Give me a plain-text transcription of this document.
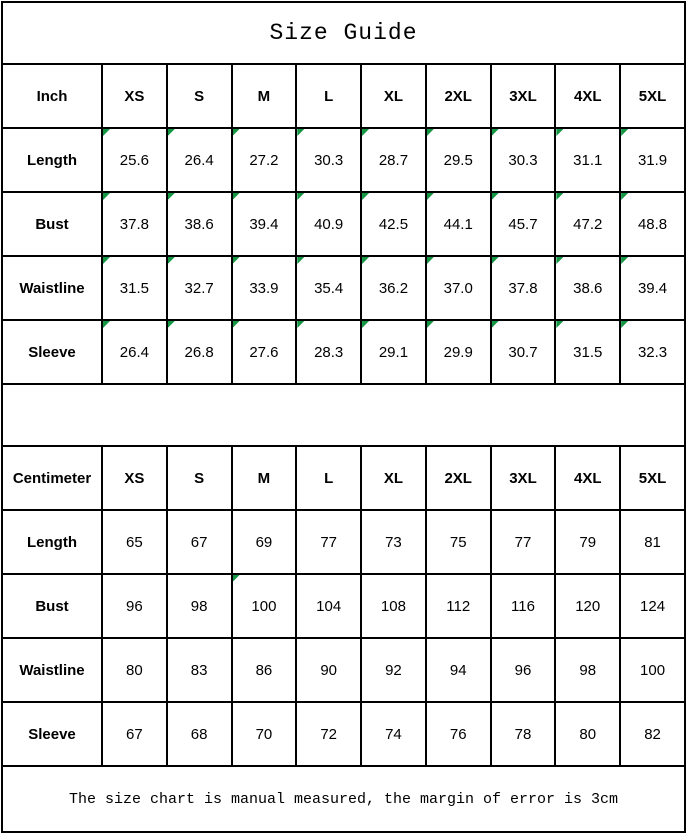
Size Guide									
Inch	XS	S	M	L	XL	2XL	3XL	4XL	5XL
Length	25.6	26.4	27.2	30.3	28.7	29.5	30.3	31.1	31.9
Bust	37.8	38.6	39.4	40.9	42.5	44.1	45.7	47.2	48.8
Waistline	31.5	32.7	33.9	35.4	36.2	37.0	37.8	38.6	39.4
Sleeve	26.4	26.8	27.6	28.3	29.1	29.9	30.7	31.5	32.3

Centimeter	XS	S	M	L	XL	2XL	3XL	4XL	5XL
Length	65	67	69	77	73	75	77	79	81
Bust	96	98	100	104	108	112	116	120	124
Waistline	80	83	86	90	92	94	96	98	100
Sleeve	67	68	70	72	74	76	78	80	82
The size chart is manual measured, the margin of error is 3cm									
